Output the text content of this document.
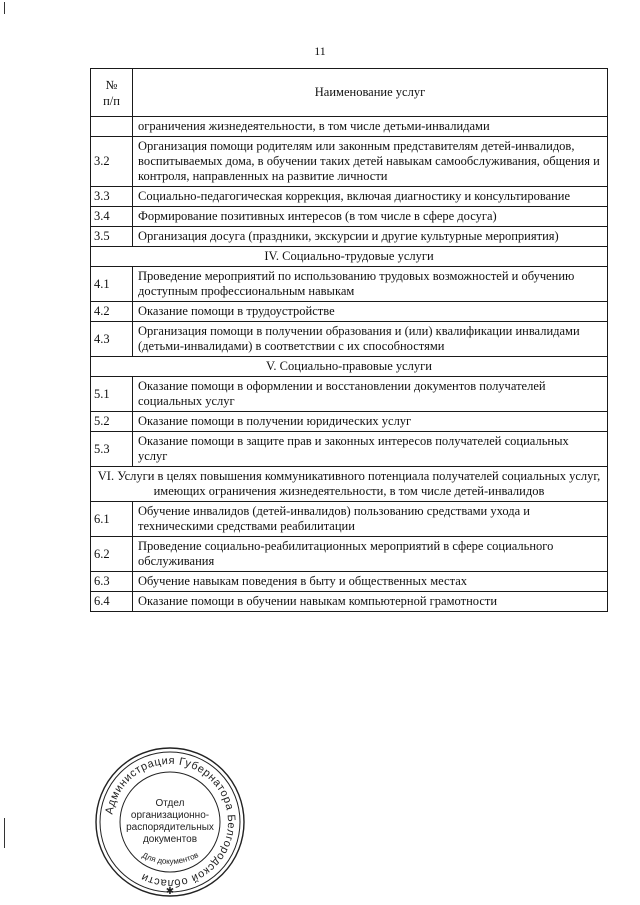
11
№
п/п	Наименование услуг
	ограничения жизнедеятельности, в том числе детьми-инвалидами
3.2	Организация помощи родителям или законным представителям детей-инвалидов, воспитываемых дома, в обучении таких детей навыкам самообслуживания, общения и контроля, направленных на развитие личности
3.3	Социально-педагогическая коррекция, включая диагностику и консультирование
3.4	Формирование позитивных интересов (в том числе в сфере досуга)
3.5	Организация досуга (праздники, экскурсии и другие культурные мероприятия)
IV. Социально-трудовые услуги	
4.1	Проведение мероприятий по использованию трудовых возможностей и обучению доступным профессиональным навыкам
4.2	Оказание помощи в трудоустройстве
4.3	Организация помощи в получении образования и (или) квалификации инвалидами (детьми-инвалидами) в соответствии с их способностями
V. Социально-правовые услуги	
5.1	Оказание помощи в оформлении и восстановлении документов получателей социальных услуг
5.2	Оказание помощи в получении юридических услуг
5.3	Оказание помощи в защите прав и законных интересов получателей социальных услуг
VI. Услуги в целях повышения коммуникативного потенциала получателей социальных услуг, имеющих ограничения жизнедеятельности, в том числе детей-инвалидов	
6.1	Обучение инвалидов (детей-инвалидов) пользованию средствами ухода и техническими средствами реабилитации
6.2	Проведение социально-реабилитационных мероприятий в сфере социального обслуживания
6.3	Обучение навыкам поведения в быту и общественных местах
6.4	Оказание помощи в обучении навыкам компьютерной грамотности
Администрация Губернатора Белгородской области
Для документов
✱
Отдел
организационно-
распорядительных
документов
